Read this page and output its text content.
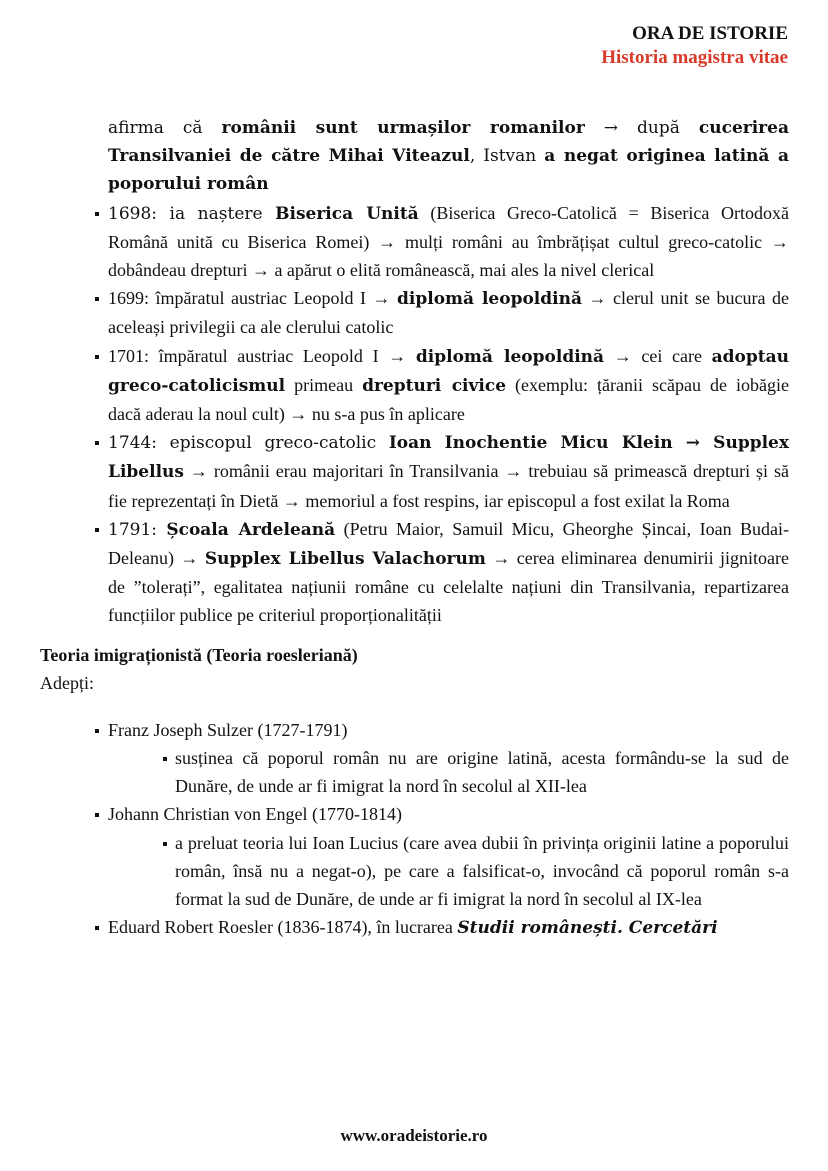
ORA DE ISTORIE
Historia magistra vitae
afirma că românii sunt urmașilor romanilor → după cucerirea Transilvaniei de către Mihai Viteazul, Istvan a negat originea latină a poporului român
1698: ia naștere Biserica Unită (Biserica Greco-Catolică = Biserica Ortodoxă Română unită cu Biserica Romei) → mulți români au îmbrățișat cultul greco-catolic → dobândeau drepturi → a apărut o elită românească, mai ales la nivel clerical
1699: împăratul austriac Leopold I → diplomă leopoldină → clerul unit se bucura de aceleași privilegii ca ale clerului catolic
1701: împăratul austriac Leopold I → diplomă leopoldină → cei care adoptau greco-catolicismul primeau drepturi civice (exemplu: țăranii scăpau de iobăgie dacă aderau la noul cult) → nu s-a pus în aplicare
1744: episcopul greco-catolic Ioan Inochentie Micu Klein → Supplex Libellus → românii erau majoritari în Transilvania → trebuiau să primească drepturi și să fie reprezentați în Dietă → memoriul a fost respins, iar episcopul a fost exilat la Roma
1791: Școala Ardeleană (Petru Maior, Samuil Micu, Gheorghe Șincai, Ioan Budai-Deleanu) → Supplex Libellus Valachorum → cerea eliminarea denumirii jignitoare de ”tolerați”, egalitatea națiunii române cu celelalte națiuni din Transilvania, repartizarea funcțiilor publice pe criteriul proporționalității
Teoria imigraționistă (Teoria roesleriană)
Adepți:
Franz Joseph Sulzer (1727-1791)
susținea că poporul român nu are origine latină, acesta formându-se la sud de Dunăre, de unde ar fi imigrat la nord în secolul al XII-lea
Johann Christian von Engel (1770-1814)
a preluat teoria lui Ioan Lucius (care avea dubii în privința originii latine a poporului român, însă nu a negat-o), pe care a falsificat-o, invocând că poporul român s-a format la sud de Dunăre, de unde ar fi imigrat la nord în secolul al IX-lea
Eduard Robert Roesler (1836-1874), în lucrarea Studii românești. Cercetări
www.oradeistorie.ro
